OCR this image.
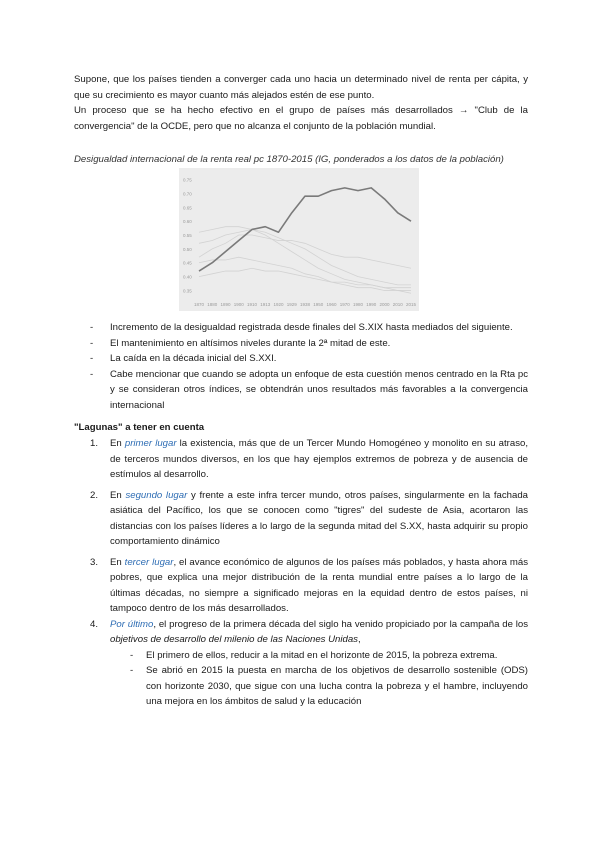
Supone, que los países tienden a converger cada uno hacia un determinado nivel de renta per cápita, y que su crecimiento es mayor cuanto más alejados estén de ese punto.

Un proceso que se ha hecho efectivo en el grupo de países más desarrollados → "Club de la convergencia" de la OCDE, pero que no alcanza el conjunto de la población mundial.

Desigualdad internacional de la renta real pc 1870-2015 (IG, ponderados a los datos de la población)

0.35
0.40
0.45
0.50
0.55
0.60
0.65
0.70
0.75
1870 1880 1890 1900 1910 1913 1920 1929 1938 1950 1960 1970 1980 1990 2000 2010 2015
- Incremento de la desigualdad registrada desde finales del S.XIX hasta mediados del siguiente.
- El mantenimiento en altísimos niveles durante la 2ª mitad de este.
- La caída en la década inicial del S.XXI.
- Cabe mencionar que cuando se adopta un enfoque de esta cuestión menos centrado en la Rta pc y se consideran otros índices, se obtendrán unos resultados más favorables a la convergencia internacional

"Lagunas" a tener en cuenta

1. En primer lugar la existencia, más que de un Tercer Mundo Homogéneo y monolito en su atraso, de terceros mundos diversos, en los que hay ejemplos extremos de pobreza y de ausencia de estímulos al desarrollo.
2. En segundo lugar y frente a este infra tercer mundo, otros países, singularmente en la fachada asiática del Pacífico, los que se conocen como "tigres" del sudeste de Asia, acortaron las distancias con los países líderes a lo largo de la segunda mitad del S.XX, hasta adquirir su propio comportamiento dinámico
3. En tercer lugar, el avance económico de algunos de los países más poblados, y hasta ahora más pobres, que explica una mejor distribución de la renta mundial entre países a lo largo de la últimas décadas, no siempre a significado mejoras en la equidad dentro de estos países, ni tampoco dentro de los más desarrollados.
4. Por último, el progreso de la primera década del siglo ha venido propiciado por la campaña de los objetivos de desarrollo del milenio de las Naciones Unidas,
- El primero de ellos, reducir a la mitad en el horizonte de 2015, la pobreza extrema.
- Se abrió en 2015 la puesta en marcha de los objetivos de desarrollo sostenible (ODS) con horizonte 2030, que sigue con una lucha contra la pobreza y el hambre, incluyendo una mejora en los ámbitos de salud y la educación
